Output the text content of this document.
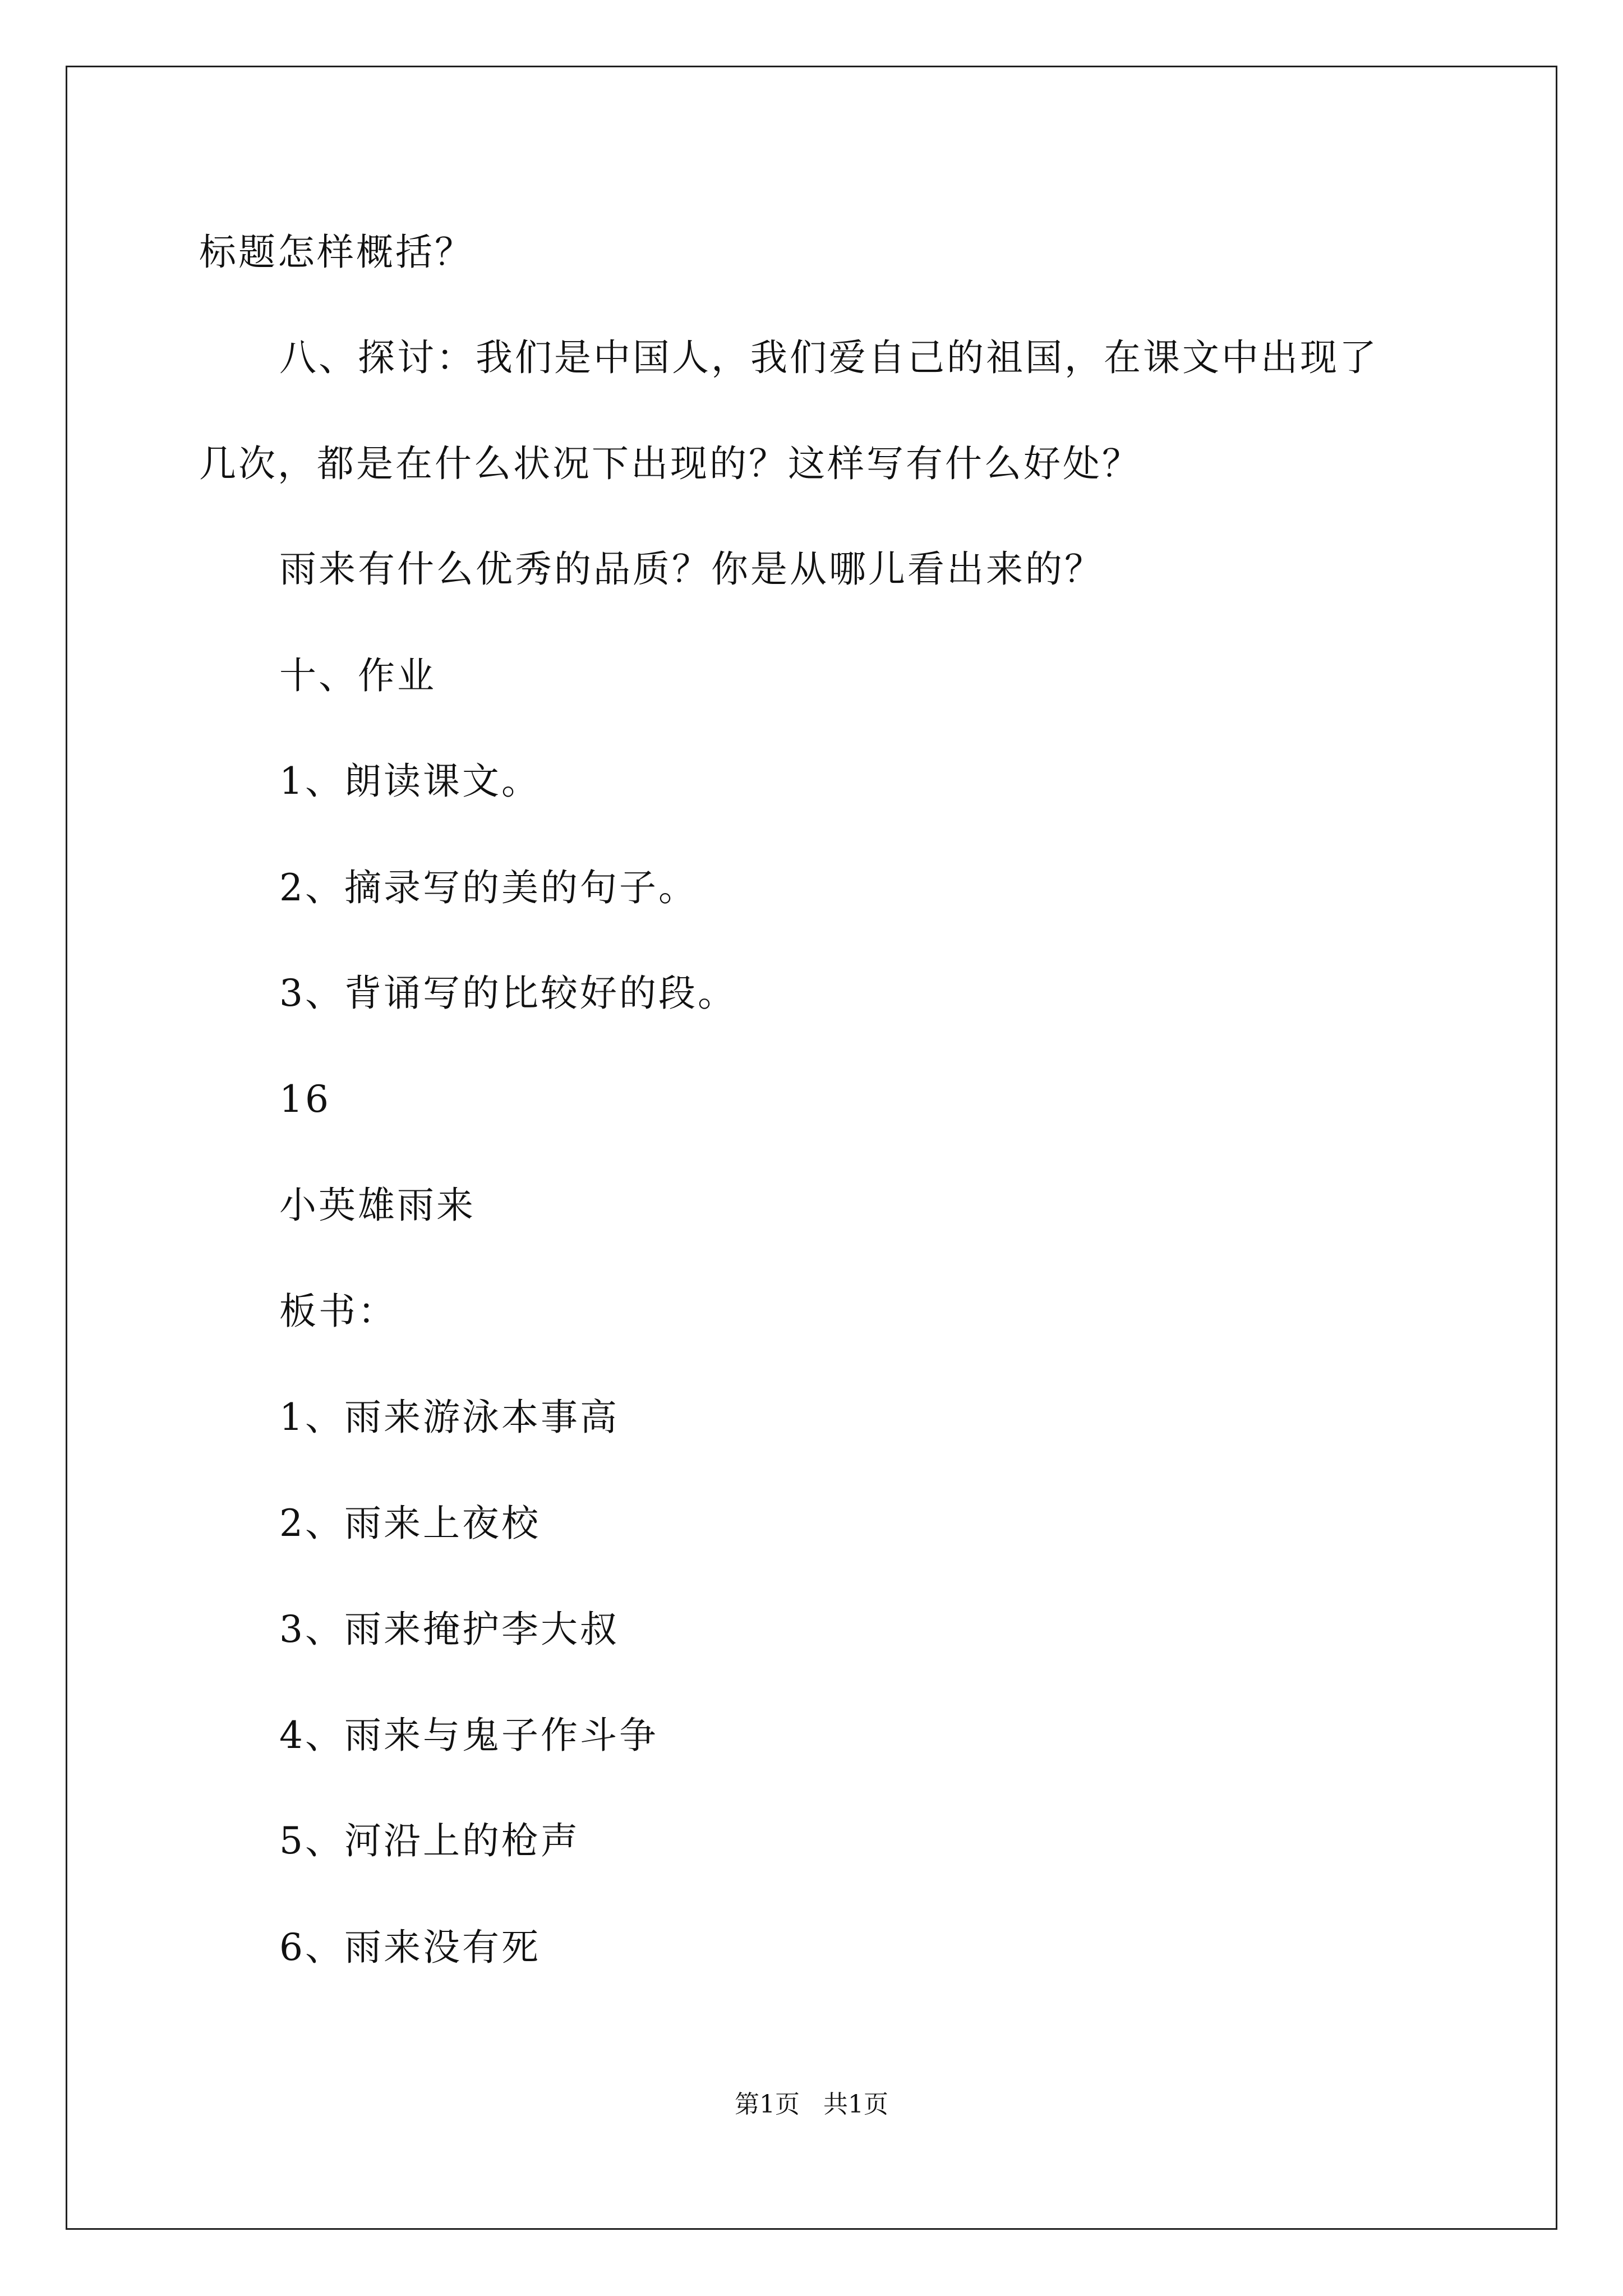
标题怎样概括？
八、探讨：我们是中国人，我们爱自己的祖国，在课文中出现了
几次，都是在什么状况下出现的？这样写有什么好处？
雨来有什么优秀的品质？你是从哪儿看出来的？
十、作业
1、朗读课文。
2、摘录写的美的句子。
3、背诵写的比较好的段。
16
小英雄雨来
板书：
1、雨来游泳本事高
2、雨来上夜校
3、雨来掩护李大叔
4、雨来与鬼子作斗争
5、河沿上的枪声
6、雨来没有死
第1页   共1页
